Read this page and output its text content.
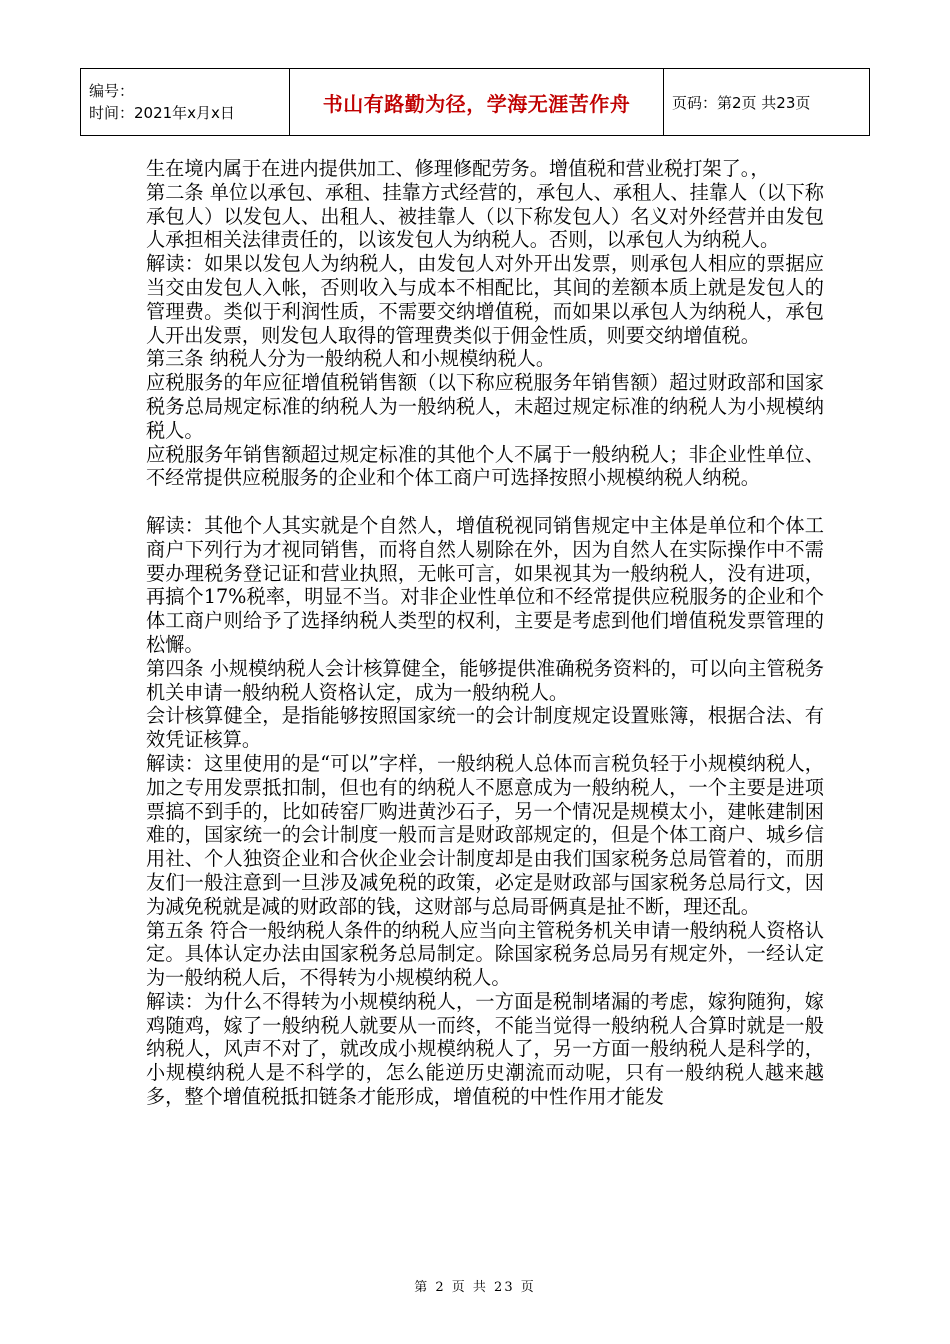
编号：
时间：2021年x月x日	书山有路勤为径，学海无涯苦作舟	页码：第2页 共23页

生在境内属于在进内提供加工、修理修配劳务。增值税和营业税打架了。，

第二条 单位以承包、承租、挂靠方式经营的，承包人、承租人、挂靠人（以下称承包人）以发包人、出租人、被挂靠人（以下称发包人）名义对外经营并由发包人承担相关法律责任的，以该发包人为纳税人。否则，以承包人为纳税人。

解读：如果以发包人为纳税人，由发包人对外开出发票，则承包人相应的票据应当交由发包人入帐，否则收入与成本不相配比，其间的差额本质上就是发包人的管理费。类似于利润性质，不需要交纳增值税，而如果以承包人为纳税人，承包人开出发票，则发包人取得的管理费类似于佣金性质，则要交纳增值税。

第三条 纳税人分为一般纳税人和小规模纳税人。

应税服务的年应征增值税销售额（以下称应税服务年销售额）超过财政部和国家税务总局规定标准的纳税人为一般纳税人，未超过规定标准的纳税人为小规模纳税人。

应税服务年销售额超过规定标准的其他个人不属于一般纳税人；非企业性单位、不经常提供应税服务的企业和个体工商户可选择按照小规模纳税人纳税。

解读：其他个人其实就是个自然人，增值税视同销售规定中主体是单位和个体工商户下列行为才视同销售，而将自然人剔除在外，因为自然人在实际操作中不需要办理税务登记证和营业执照，无帐可言，如果视其为一般纳税人，没有进项，再搞个17%税率，明显不当。对非企业性单位和不经常提供应税服务的企业和个体工商户则给予了选择纳税人类型的权利，主要是考虑到他们增值税发票管理的松懈。

第四条 小规模纳税人会计核算健全，能够提供准确税务资料的，可以向主管税务机关申请一般纳税人资格认定，成为一般纳税人。

会计核算健全，是指能够按照国家统一的会计制度规定设置账簿，根据合法、有效凭证核算。

解读：这里使用的是“可以”字样，一般纳税人总体而言税负轻于小规模纳税人，加之专用发票抵扣制，但也有的纳税人不愿意成为一般纳税人，一个主要是进项票搞不到手的，比如砖窑厂购进黄沙石子，另一个情况是规模太小，建帐建制困难的，国家统一的会计制度一般而言是财政部规定的，但是个体工商户、城乡信用社、个人独资企业和合伙企业会计制度却是由我们国家税务总局管着的，而朋友们一般注意到一旦涉及减免税的政策，必定是财政部与国家税务总局行文，因为减免税就是减的财政部的钱，这财部与总局哥俩真是扯不断，理还乱。

第五条 符合一般纳税人条件的纳税人应当向主管税务机关申请一般纳税人资格认定。具体认定办法由国家税务总局制定。除国家税务总局另有规定外，一经认定为一般纳税人后，不得转为小规模纳税人。

解读：为什么不得转为小规模纳税人，一方面是税制堵漏的考虑，嫁狗随狗，嫁鸡随鸡，嫁了一般纳税人就要从一而终，不能当觉得一般纳税人合算时就是一般纳税人，风声不对了，就改成小规模纳税人了，另一方面一般纳税人是科学的，小规模纳税人是不科学的，怎么能逆历史潮流而动呢，只有一般纳税人越来越多，整个增值税抵扣链条才能形成，增值税的中性作用才能发

第 2 页 共 23 页
